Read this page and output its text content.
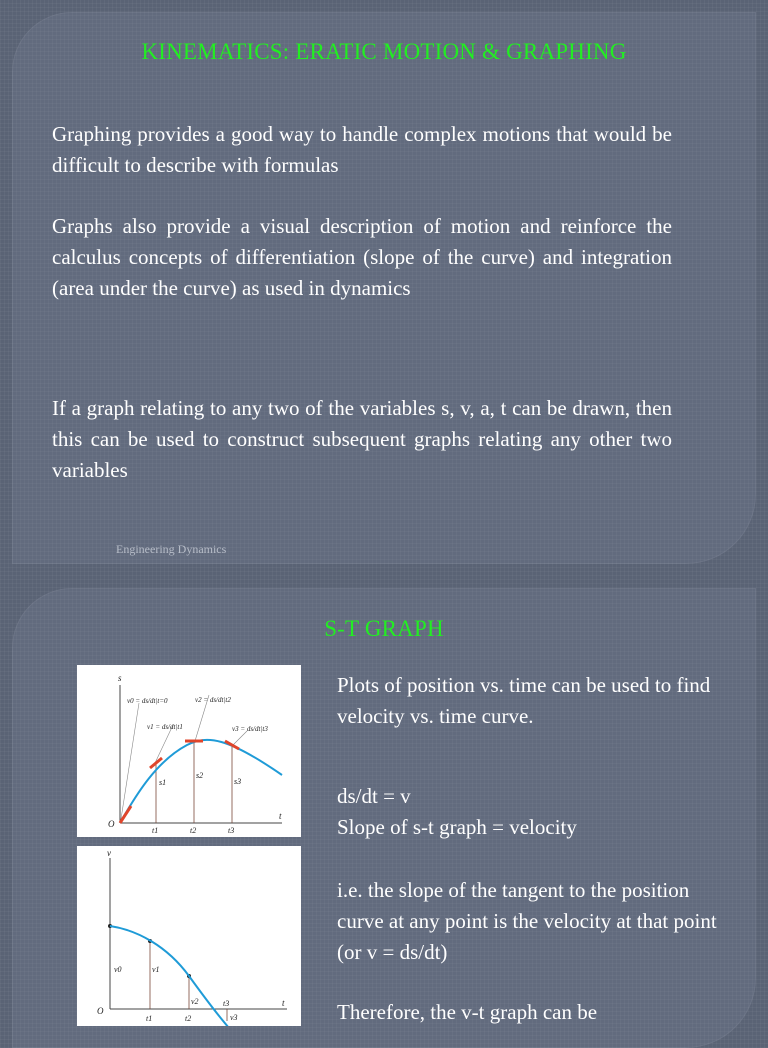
KINEMATICS: ERATIC MOTION & GRAPHING
Graphing provides a good way to handle complex motions that would be difficult to describe with formulas
Graphs also provide a visual description of motion and reinforce the calculus concepts of differentiation (slope of the curve) and integration (area under the curve) as used in dynamics
If a graph relating to any two of the variables s, v, a, t can be drawn, then this can be used to construct subsequent graphs relating any other two variables
Engineering Dynamics
S-T GRAPH
s
t
O
s1
s2
s3
t1	t2	t3
v0 = ds/dt|t=0
v1 = ds/dt|t1
v2 = ds/dt|t2
v3 = ds/dt|t3
v
t
O
v0	v1
v2
v3
t1	t2
t3
Plots of position vs. time can be used to find velocity vs. time curve.
ds/dt = v
Slope of s-t graph = velocity
i.e. the slope of the tangent to the position curve at any point is the velocity at that point (or v = ds/dt)
Therefore, the v-t graph can be
